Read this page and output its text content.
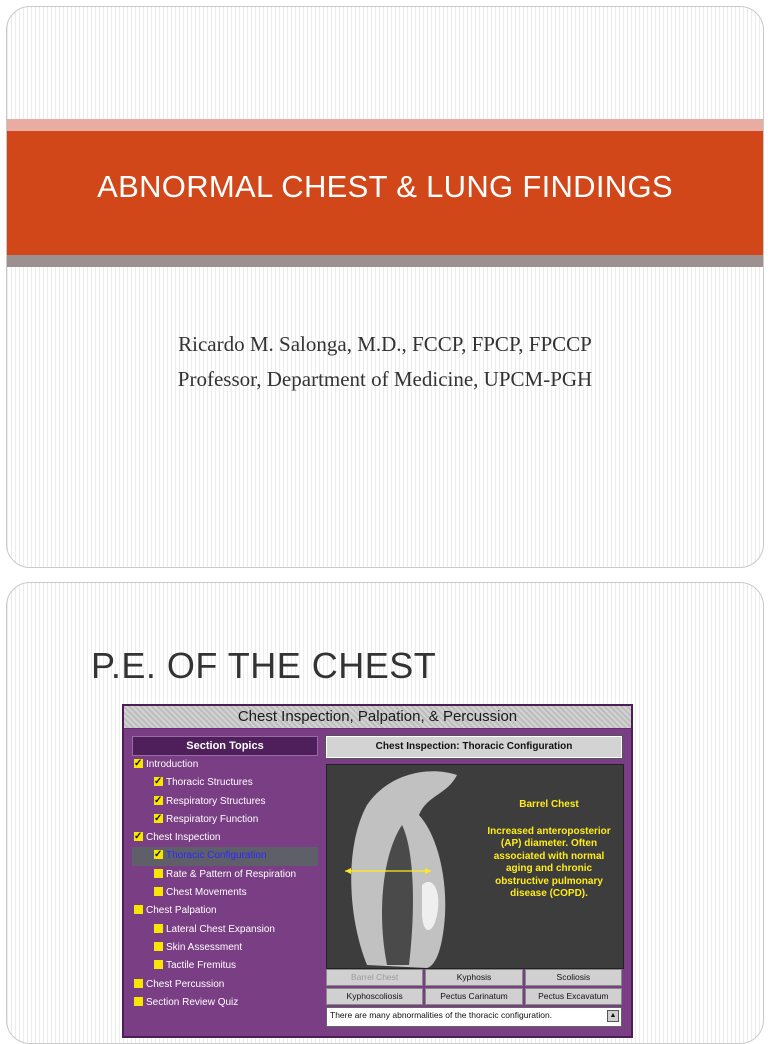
ABNORMAL CHEST & LUNG FINDINGS
Ricardo M. Salonga, M.D., FCCP, FPCP, FPCCP
Professor, Department of Medicine, UPCM-PGH
P.E. OF THE CHEST
Chest Inspection, Palpation, & Percussion
Section Topics
✓Introduction
✓Thoracic Structures
✓Respiratory Structures
✓Respiratory Function
✓Chest Inspection
✓Thoracic Configuration
Rate & Pattern of Respiration
Chest Movements
Chest Palpation
Lateral Chest Expansion
Skin Assessment
Tactile Fremitus
Chest Percussion
Section Review Quiz
Chest Inspection: Thoracic Configuration
Barrel Chest
Increased anteroposterior (AP) diameter. Often associated with normal aging and chronic obstructive pulmonary disease (COPD).
Barrel Chest	Kyphosis	Scoliosis
Kyphoscoliosis	Pectus Carinatum	Pectus Excavatum
There are many abnormalities of the thoracic configuration.	▲
